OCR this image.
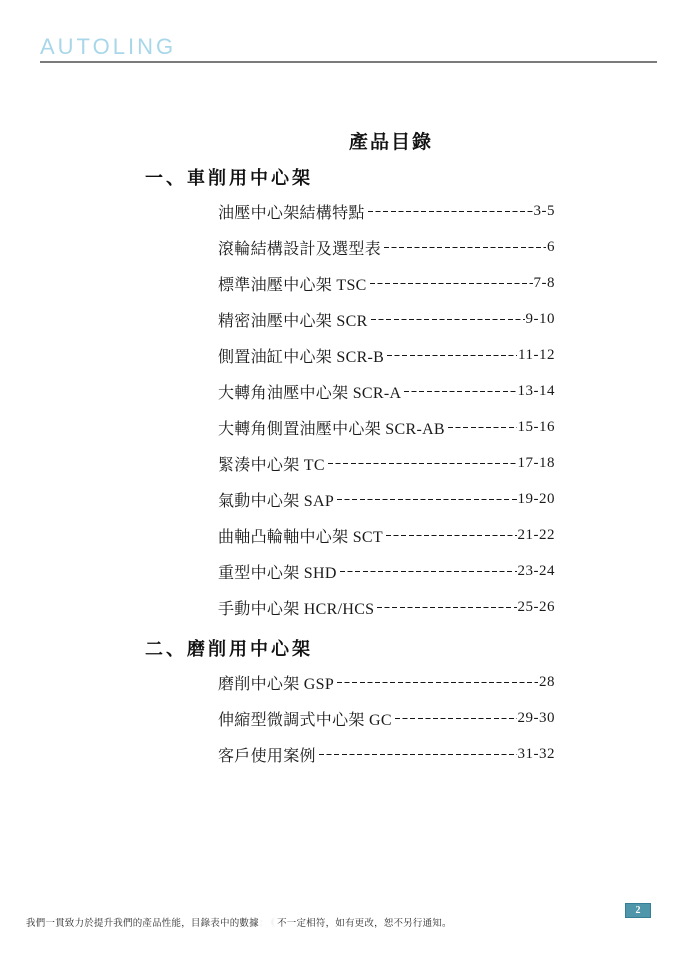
AUTOLING
產品目錄
一、車削用中心架
油壓中心架結構特點	3-5
滾輪結構設計及選型表	6
標準油壓中心架 TSC	7-8
精密油壓中心架 SCR	9-10
側置油缸中心架 SCR-B	11-12
大轉角油壓中心架 SCR-A	13-14
大轉角側置油壓中心架 SCR-AB	15-16
緊湊中心架 TC	17-18
氣動中心架 SAP	19-20
曲軸凸輪軸中心架 SCT	21-22
重型中心架 SHD	23-24
手動中心架 HCR/HCS	25-26
二、磨削用中心架
磨削中心架 GSP	28
伸縮型微調式中心架 GC	29-30
客戶使用案例	31-32
我們一貫致力於提升我們的產品性能，目錄表中的數據：（不一定相符，如有更改，恕不另行通知。
2
